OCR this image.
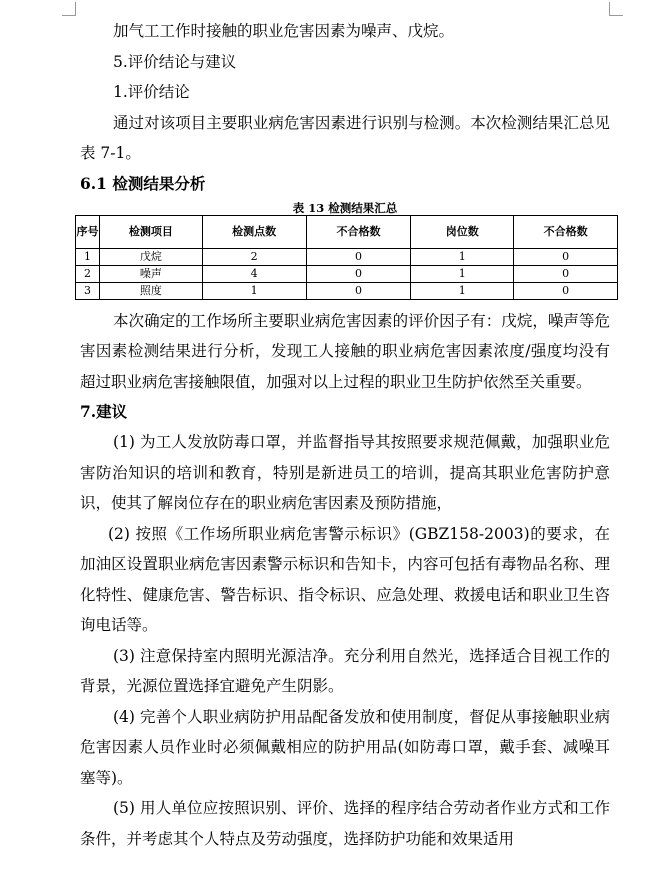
加气工工作时接触的职业危害因素为噪声、戊烷。

5.评价结论与建议

1.评价结论

通过对该项目主要职业病危害因素进行识别与检测。本次检测结果汇总见表 7-1。

6.1 检测结果分析
表 13 检测结果汇总
序号	检测项目	检测点数	不合格数	岗位数	不合格数
1	戊烷	2	0	1	0
2	噪声	4	0	1	0
3	照度	1	0	1	0

本次确定的工作场所主要职业病危害因素的评价因子有：戊烷，噪声等危害因素检测结果进行分析，发现工人接触的职业病危害因素浓度/强度均没有超过职业病危害接触限值，加强对以上过程的职业卫生防护依然至关重要。

7.建议

(1) 为工人发放防毒口罩，并监督指导其按照要求规范佩戴，加强职业危害防治知识的培训和教育，特别是新进员工的培训，提高其职业危害防护意识，使其了解岗位存在的职业病危害因素及预防措施，

(2) 按照《工作场所职业病危害警示标识》(GBZ158-2003)的要求，在加油区设置职业病危害因素警示标识和告知卡，内容可包括有毒物品名称、理化特性、健康危害、警告标识、指令标识、应急处理、救援电话和职业卫生咨询电话等。

(3) 注意保持室内照明光源洁净。充分利用自然光，选择适合目视工作的背景，光源位置选择宜避免产生阴影。

(4) 完善个人职业病防护用品配备发放和使用制度，督促从事接触职业病危害因素人员作业时必须佩戴相应的防护用品(如防毒口罩，戴手套、减噪耳塞等)。

(5) 用人单位应按照识别、评价、选择的程序结合劳动者作业方式和工作条件，并考虑其个人特点及劳动强度，选择防护功能和效果适用
